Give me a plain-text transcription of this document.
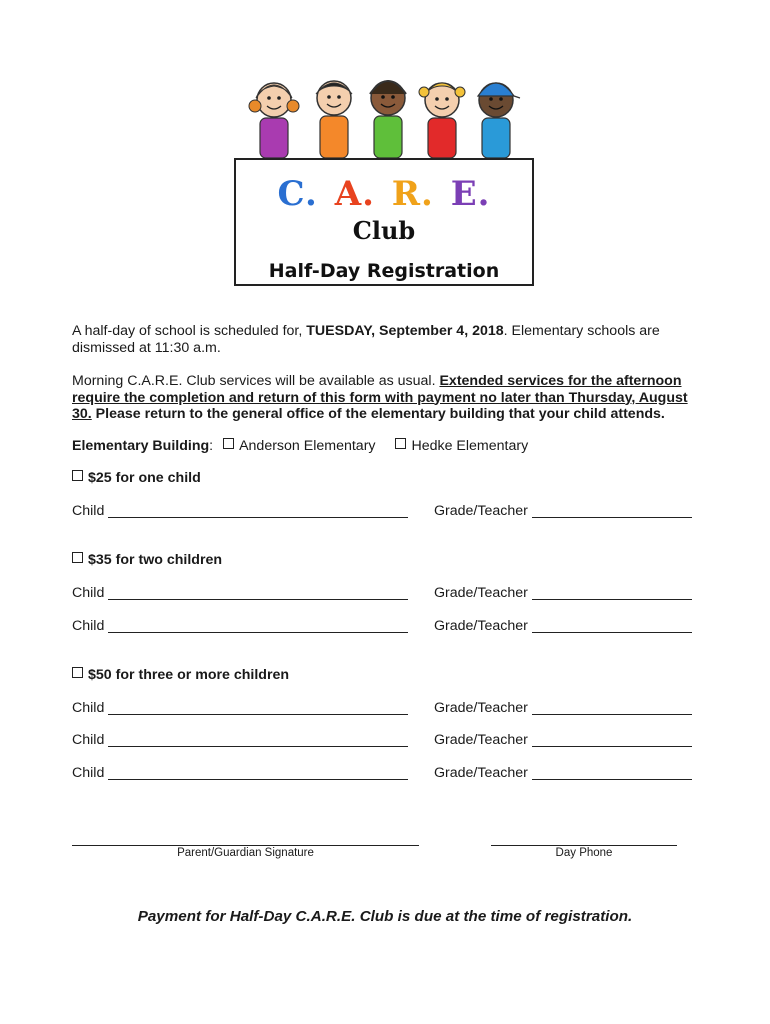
C. A. R. E.
Club
Half-Day Registration
A half-day of school is scheduled for, TUESDAY, September 4, 2018. Elementary schools are dismissed at 11:30 a.m.
Morning C.A.R.E. Club services will be available as usual. Extended services for the afternoon require the completion and return of this form with payment no later than Thursday, August 30. Please return to the general office of the elementary building that your child attends.
Elementary Building: Anderson Elementary	Hedke Elementary
$25 for one child
Child	Grade/Teacher
$35 for two children
Child	Grade/Teacher
Child	Grade/Teacher
$50 for three or more children
Child	Grade/Teacher
Child	Grade/Teacher
Child	Grade/Teacher
Parent/Guardian Signature	Day Phone
Payment for Half-Day C.A.R.E. Club is due at the time of registration.
